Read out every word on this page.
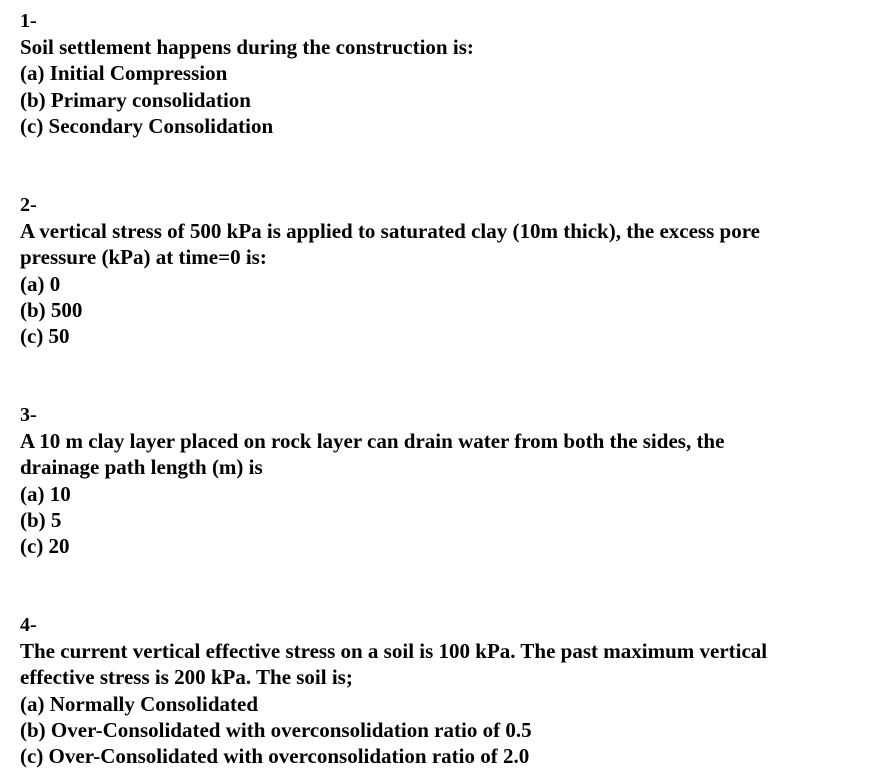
1-

Soil settlement happens during the construction is:

(a) Initial Compression

(b) Primary consolidation

(c) Secondary Consolidation

2-

A vertical stress of 500 kPa is applied to saturated clay (10m thick), the excess pore

pressure (kPa) at time=0 is:

(a) 0

(b) 500

(c) 50

3-

A 10 m clay layer placed on rock layer can drain water from both the sides, the

drainage path length (m) is

(a) 10

(b) 5

(c) 20

4-

The current vertical effective stress on a soil is 100 kPa. The past maximum vertical

effective stress is 200 kPa. The soil is;

(a) Normally Consolidated

(b) Over-Consolidated with overconsolidation ratio of 0.5

(c) Over-Consolidated with overconsolidation ratio of 2.0
